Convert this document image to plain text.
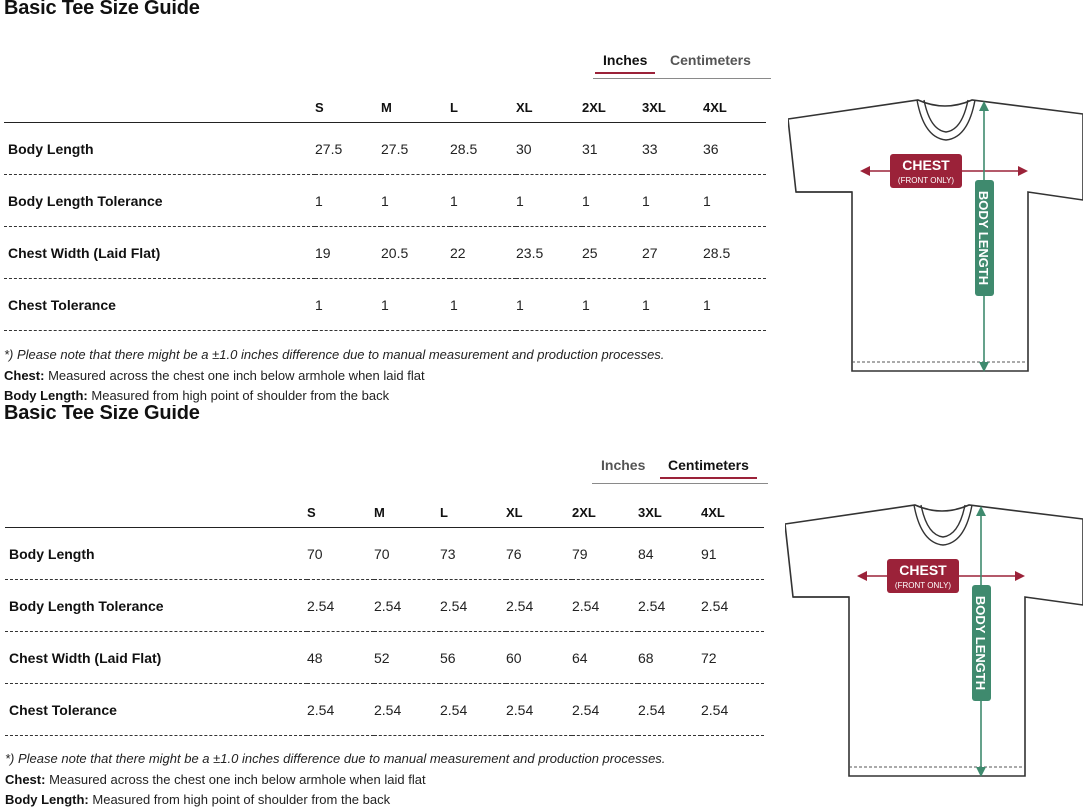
Basic Tee Size Guide
Inches	Centimeters
	S	M	L	XL	2XL	3XL	4XL
Body Length	27.5	27.5	28.5	30	31	33	36
Body Length Tolerance	1	1	1	1	1	1	1
Chest Width (Laid Flat)	19	20.5	22	23.5	25	27	28.5
Chest Tolerance	1	1	1	1	1	1	1
*) Please note that there might be a ±1.0 inches difference due to manual measurement and production processes.
Chest: Measured across the chest one inch below armhole when laid flat
Body Length: Measured from high point of shoulder from the back
CHEST
(FRONT ONLY)
BODY LENGTH
Basic Tee Size Guide
Inches	Centimeters
	S	M	L	XL	2XL	3XL	4XL
Body Length	70	70	73	76	79	84	91
Body Length Tolerance	2.54	2.54	2.54	2.54	2.54	2.54	2.54
Chest Width (Laid Flat)	48	52	56	60	64	68	72
Chest Tolerance	2.54	2.54	2.54	2.54	2.54	2.54	2.54
*) Please note that there might be a ±1.0 inches difference due to manual measurement and production processes.
Chest: Measured across the chest one inch below armhole when laid flat
Body Length: Measured from high point of shoulder from the back
CHEST
(FRONT ONLY)
BODY LENGTH
